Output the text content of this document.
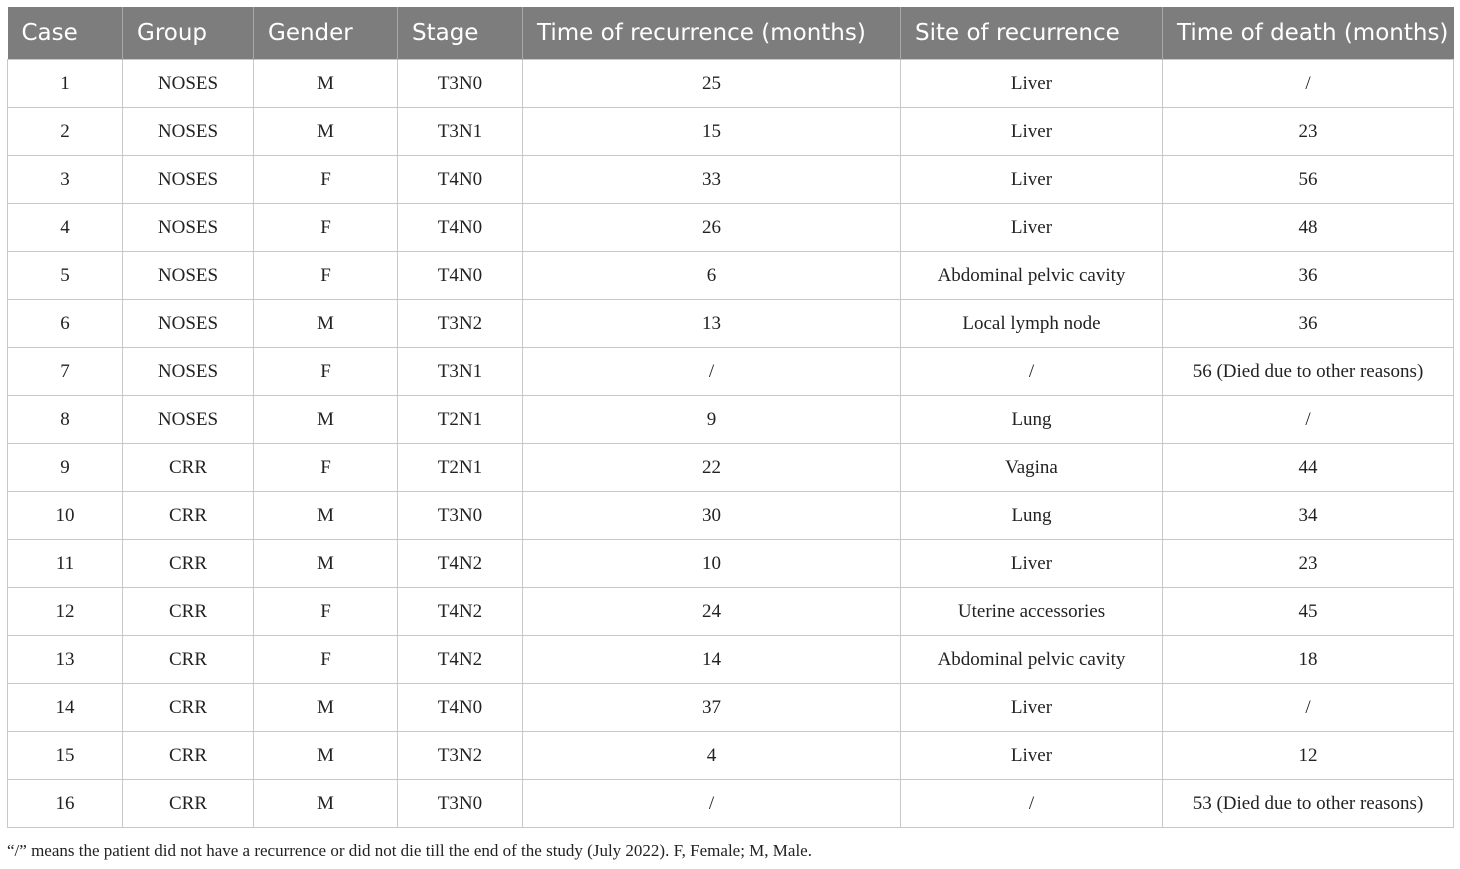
Case	Group	Gender	Stage	Time of recurrence (months)	Site of recurrence	Time of death (months)
1	NOSES	M	T3N0	25	Liver	/
2	NOSES	M	T3N1	15	Liver	23
3	NOSES	F	T4N0	33	Liver	56
4	NOSES	F	T4N0	26	Liver	48
5	NOSES	F	T4N0	6	Abdominal pelvic cavity	36
6	NOSES	M	T3N2	13	Local lymph node	36
7	NOSES	F	T3N1	/	/	56 (Died due to other reasons)
8	NOSES	M	T2N1	9	Lung	/
9	CRR	F	T2N1	22	Vagina	44
10	CRR	M	T3N0	30	Lung	34
11	CRR	M	T4N2	10	Liver	23
12	CRR	F	T4N2	24	Uterine accessories	45
13	CRR	F	T4N2	14	Abdominal pelvic cavity	18
14	CRR	M	T4N0	37	Liver	/
15	CRR	M	T3N2	4	Liver	12
16	CRR	M	T3N0	/	/	53 (Died due to other reasons)
“/” means the patient did not have a recurrence or did not die till the end of the study (July 2022). F, Female; M, Male.
